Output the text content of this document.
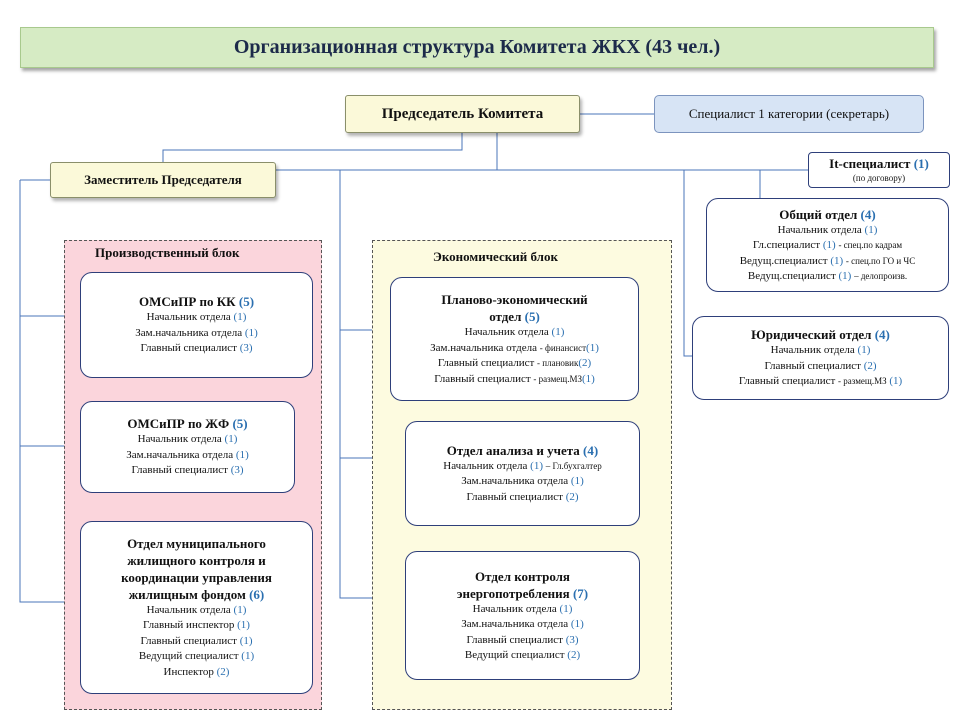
Организационная структура Комитета ЖКХ (43 чел.)
Председатель Комитета	Специалист 1 категории (секретарь)
Заместитель Председателя
It-специалист (1)
(по договору)
Производственный блок	Экономический блок
ОМСиПР по КК (5)
Начальник отдела (1)
Зам.начальника отдела (1)
Главный специалист (3)
ОМСиПР по ЖФ (5)
Начальник отдела (1)
Зам.начальника отдела (1)
Главный специалист (3)
Отдел муниципального
жилищного контроля и
координации управления
жилищным фондом (6)
Начальник отдела (1)
Главный инспектор (1)
Главный специалист (1)
Ведущий специалист (1)
Инспектор (2)
Планово-экономический
отдел (5)
Начальник отдела (1)
Зам.начальника отдела - финансист(1)
Главный специалист - плановик(2)
Главный специалист - размещ.МЗ(1)
Отдел анализа и учета (4)
Начальник отдела (1) – Гл.бухгалтер
Зам.начальника отдела (1)
Главный специалист (2)
Отдел контроля
энергопотребления (7)
Начальник отдела (1)
Зам.начальника отдела (1)
Главный специалист (3)
Ведущий специалист (2)
Общий отдел (4)
Начальник отдела (1)
Гл.специалист (1) - спец.по кадрам
Ведущ.специалист (1) - спец.по ГО и ЧС
Ведущ.специалист (1) – делопроизв.
Юридический отдел (4)
Начальник отдела (1)
Главный специалист (2)
Главный специалист - размещ.МЗ (1)
